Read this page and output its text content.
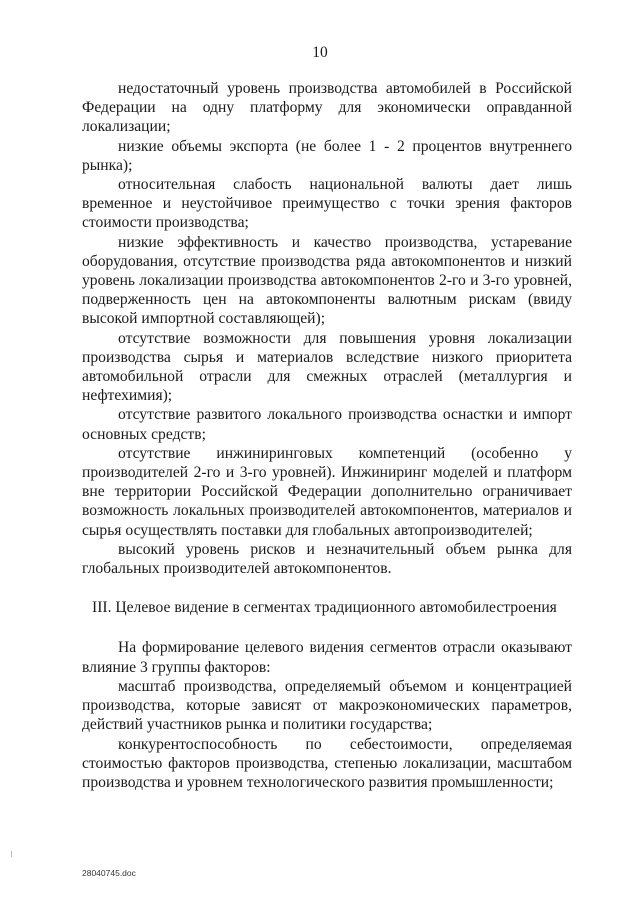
10

недостаточный уровень производства автомобилей в Российской Федерации на одну платформу для экономически оправданной локализации;

низкие объемы экспорта (не более 1 - 2 процентов внутреннего рынка);

относительная слабость национальной валюты дает лишь временное и неустойчивое преимущество с точки зрения факторов стоимости производства;

низкие эффективность и качество производства, устаревание оборудования, отсутствие производства ряда автокомпонентов и низкий уровень локализации производства автокомпонентов 2-го и 3-го уровней, подверженность цен на автокомпоненты валютным рискам (ввиду высокой импортной составляющей);

отсутствие возможности для повышения уровня локализации производства сырья и материалов вследствие низкого приоритета автомобильной отрасли для смежных отраслей (металлургия и нефтехимия);

отсутствие развитого локального производства оснастки и импорт основных средств;

отсутствие инжиниринговых компетенций (особенно у производителей 2-го и 3-го уровней). Инжиниринг моделей и платформ вне территории Российской Федерации дополнительно ограничивает возможность локальных производителей автокомпонентов, материалов и сырья осуществлять поставки для глобальных автопроизводителей;

высокий уровень рисков и незначительный объем рынка для глобальных производителей автокомпонентов.

III. Целевое видение в сегментах традиционного автомобилестроения

На формирование целевого видения сегментов отрасли оказывают влияние 3 группы факторов:

масштаб производства, определяемый объемом и концентрацией производства, которые зависят от макроэкономических параметров, действий участников рынка и политики государства;

конкурентоспособность по себестоимости, определяемая стоимостью факторов производства, степенью локализации, масштабом производства и уровнем технологического развития промышленности;

28040745.doc
